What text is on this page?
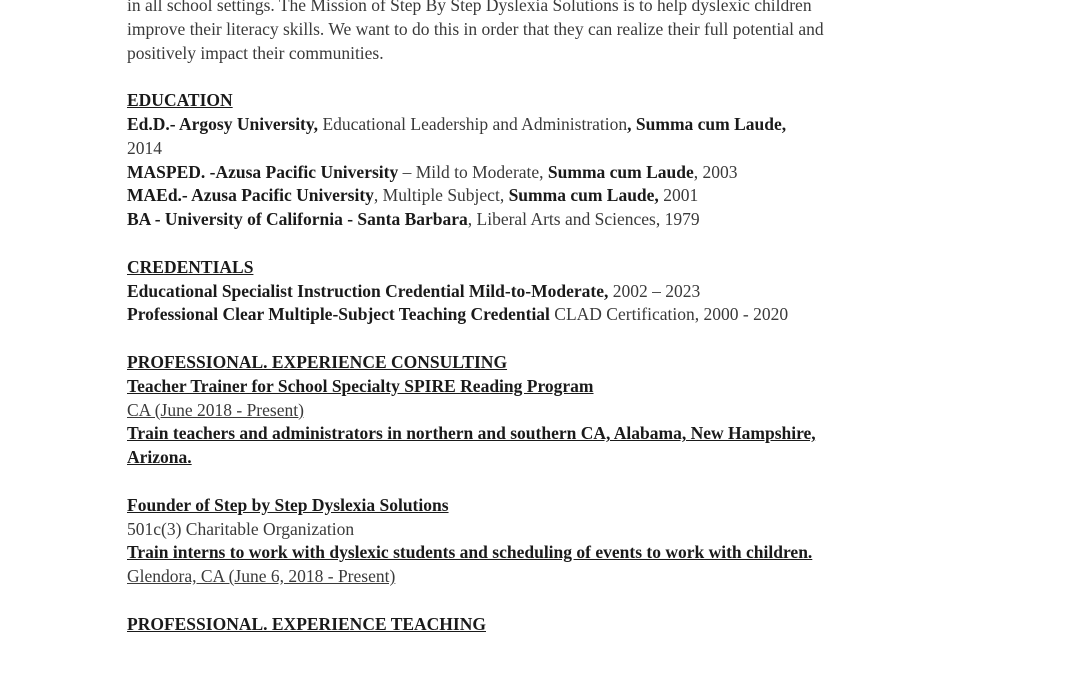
in all school settings. The Mission of Step By Step Dyslexia Solutions is to help dyslexic children
improve their literacy skills. We want to do this in order that they can realize their full potential and
positively impact their communities.
EDUCATION
Ed.D.- Argosy University, Educational Leadership and Administration, Summa cum Laude,
2014
MASPED. -Azusa Pacific University – Mild to Moderate, Summa cum Laude, 2003
MAEd.- Azusa Pacific University, Multiple Subject, Summa cum Laude, 2001
BA - University of California - Santa Barbara, Liberal Arts and Sciences, 1979
CREDENTIALS
Educational Specialist Instruction Credential Mild-to-Moderate, 2002 – 2023
Professional Clear Multiple-Subject Teaching Credential CLAD Certification, 2000 - 2020
PROFESSIONAL. EXPERIENCE CONSULTING
Teacher Trainer for School Specialty SPIRE Reading Program
CA (June 2018 - Present)
Train teachers and administrators in northern and southern CA, Alabama, New Hampshire, Arizona.
Founder of Step by Step Dyslexia Solutions
501c(3) Charitable Organization
Train interns to work with dyslexic students and scheduling of events to work with children.
Glendora, CA (June 6, 2018 - Present)
PROFESSIONAL. EXPERIENCE TEACHING
